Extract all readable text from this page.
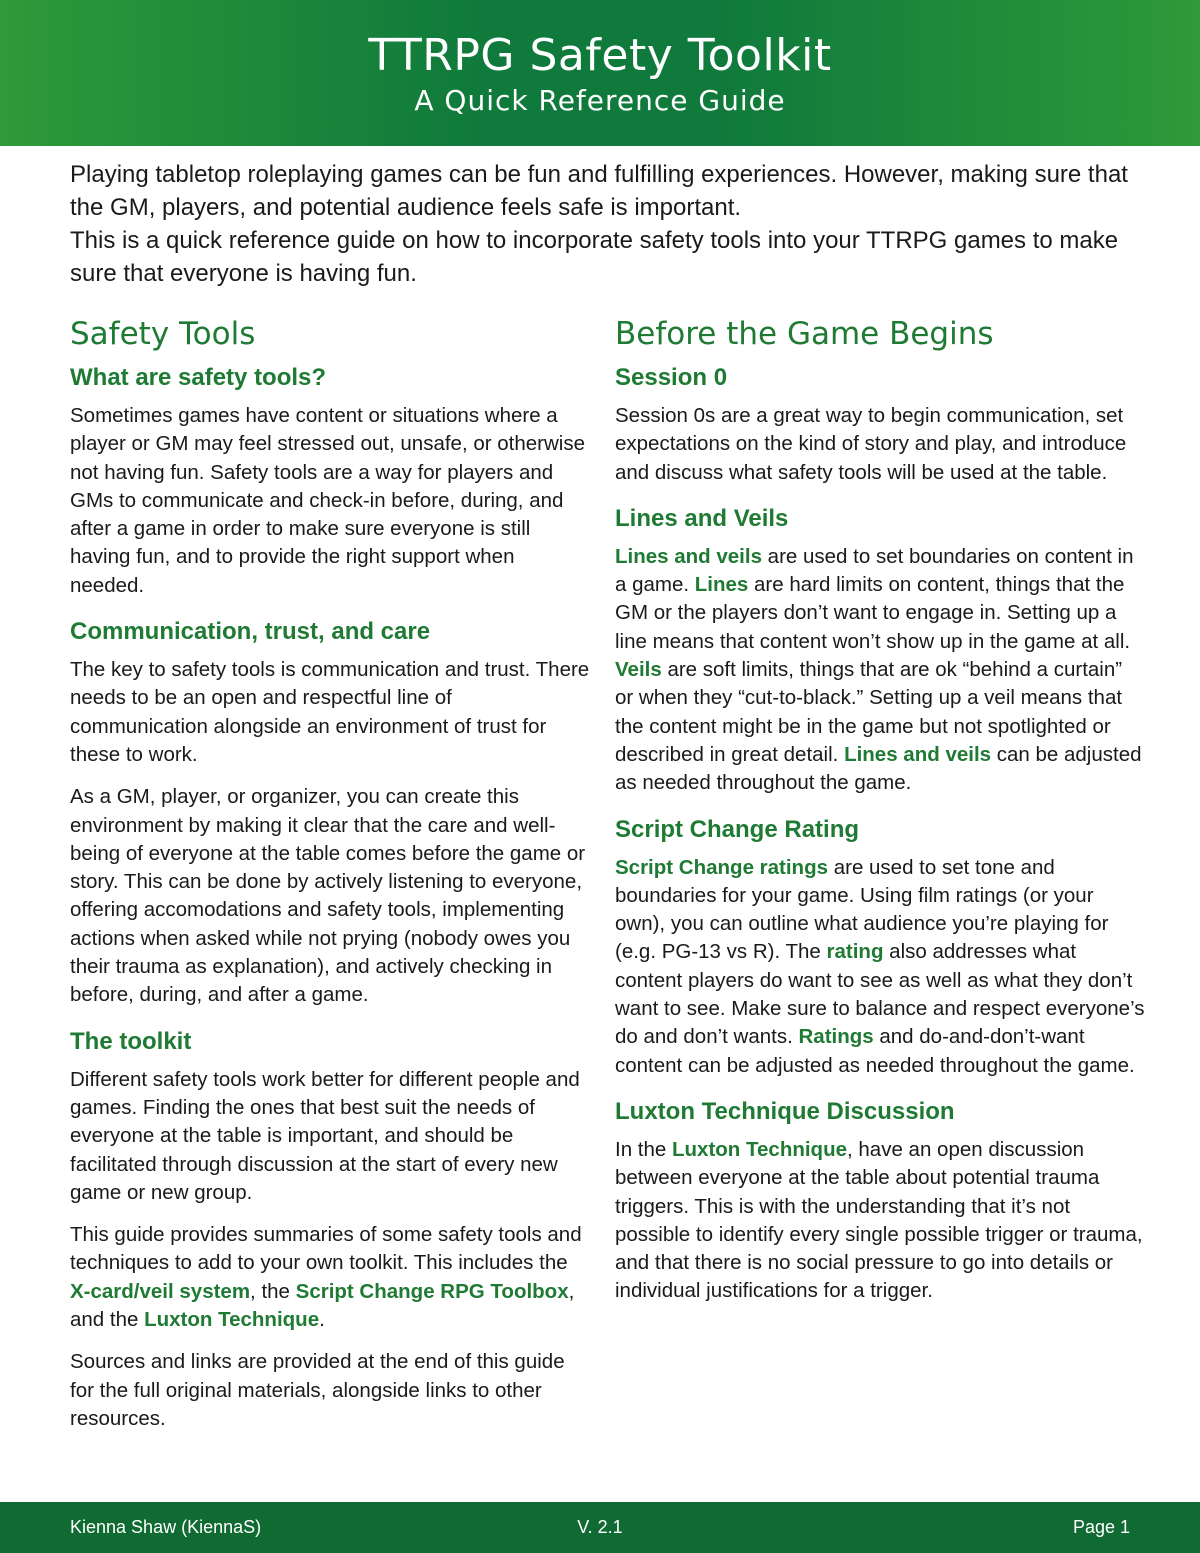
TTRPG Safety Toolkit
A Quick Reference Guide

Playing tabletop roleplaying games can be fun and fulfilling experiences. However, making sure that the GM, players, and potential audience feels safe is important.

This is a quick reference guide on how to incorporate safety tools into your TTRPG games to make sure that everyone is having fun.

Safety Tools
What are safety tools?

Sometimes games have content or situations where a player or GM may feel stressed out, unsafe, or otherwise not having fun. Safety tools are a way for players and GMs to communicate and check-in before, during, and after a game in order to make sure everyone is still having fun, and to provide the right support when needed.

Communication, trust, and care

The key to safety tools is communication and trust. There needs to be an open and respectful line of communication alongside an environment of trust for these to work.

As a GM, player, or organizer, you can create this environment by making it clear that the care and well-being of everyone at the table comes before the game or story. This can be done by actively listening to everyone, offering accomodations and safety tools, implementing actions when asked while not prying (nobody owes you their trauma as explanation), and actively checking in before, during, and after a game.

The toolkit

Different safety tools work better for different people and games. Finding the ones that best suit the needs of everyone at the table is important, and should be facilitated through discussion at the start of every new game or new group.

This guide provides summaries of some safety tools and techniques to add to your own toolkit. This includes the X-card/veil system, the Script Change RPG Toolbox, and the Luxton Technique.

Sources and links are provided at the end of this guide for the full original materials, alongside links to other resources.

Before the Game Begins
Session 0

Session 0s are a great way to begin communication, set expectations on the kind of story and play, and introduce and discuss what safety tools will be used at the table.

Lines and Veils

Lines and veils are used to set boundaries on content in a game. Lines are hard limits on content, things that the GM or the players don’t want to engage in. Setting up a line means that content won’t show up in the game at all. Veils are soft limits, things that are ok “behind a curtain” or when they “cut-to-black.” Setting up a veil means that the content might be in the game but not spotlighted or described in great detail. Lines and veils can be adjusted as needed throughout the game.

Script Change Rating

Script Change ratings are used to set tone and boundaries for your game. Using film ratings (or your own), you can outline what audience you’re playing for (e.g. PG-13 vs R). The rating also addresses what content players do want to see as well as what they don’t want to see. Make sure to balance and respect everyone’s do and don’t wants. Ratings and do-and-don’t-want content can be adjusted as needed throughout the game.

Luxton Technique Discussion

In the Luxton Technique, have an open discussion between everyone at the table about potential trauma triggers. This is with the understanding that it’s not possible to identify every single possible trigger or trauma, and that there is no social pressure to go into details or individual justifications for a trigger.

Kienna Shaw (KiennaS)	V. 2.1	Page 1
